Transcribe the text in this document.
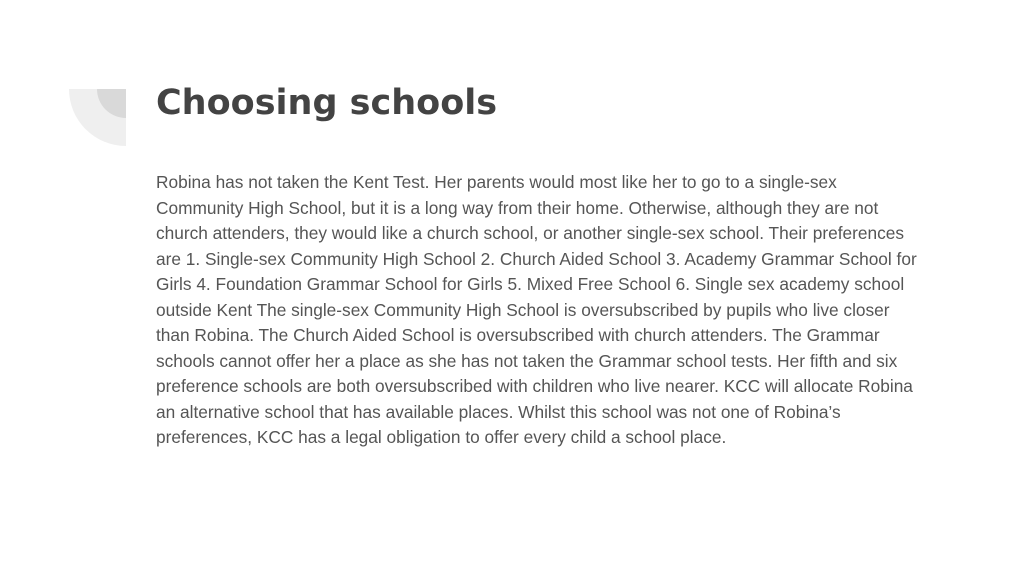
Choosing schools

Robina has not taken the Kent Test. Her parents would most like her to go to a single-sex Community High School, but it is a long way from their home. Otherwise, although they are not church attenders, they would like a church school, or another single-sex school. Their preferences are 1. Single-sex Community High School 2. Church Aided School 3. Academy Grammar School for Girls 4. Foundation Grammar School for Girls 5. Mixed Free School 6. Single sex academy school outside Kent The single-sex Community High School is oversubscribed by pupils who live closer than Robina. The Church Aided School is oversubscribed with church attenders. The Grammar schools cannot offer her a place as she has not taken the Grammar school tests. Her fifth and six preference schools are both oversubscribed with children who live nearer. KCC will allocate Robina an alternative school that has available places. Whilst this school was not one of Robina’s preferences, KCC has a legal obligation to offer every child a school place.
